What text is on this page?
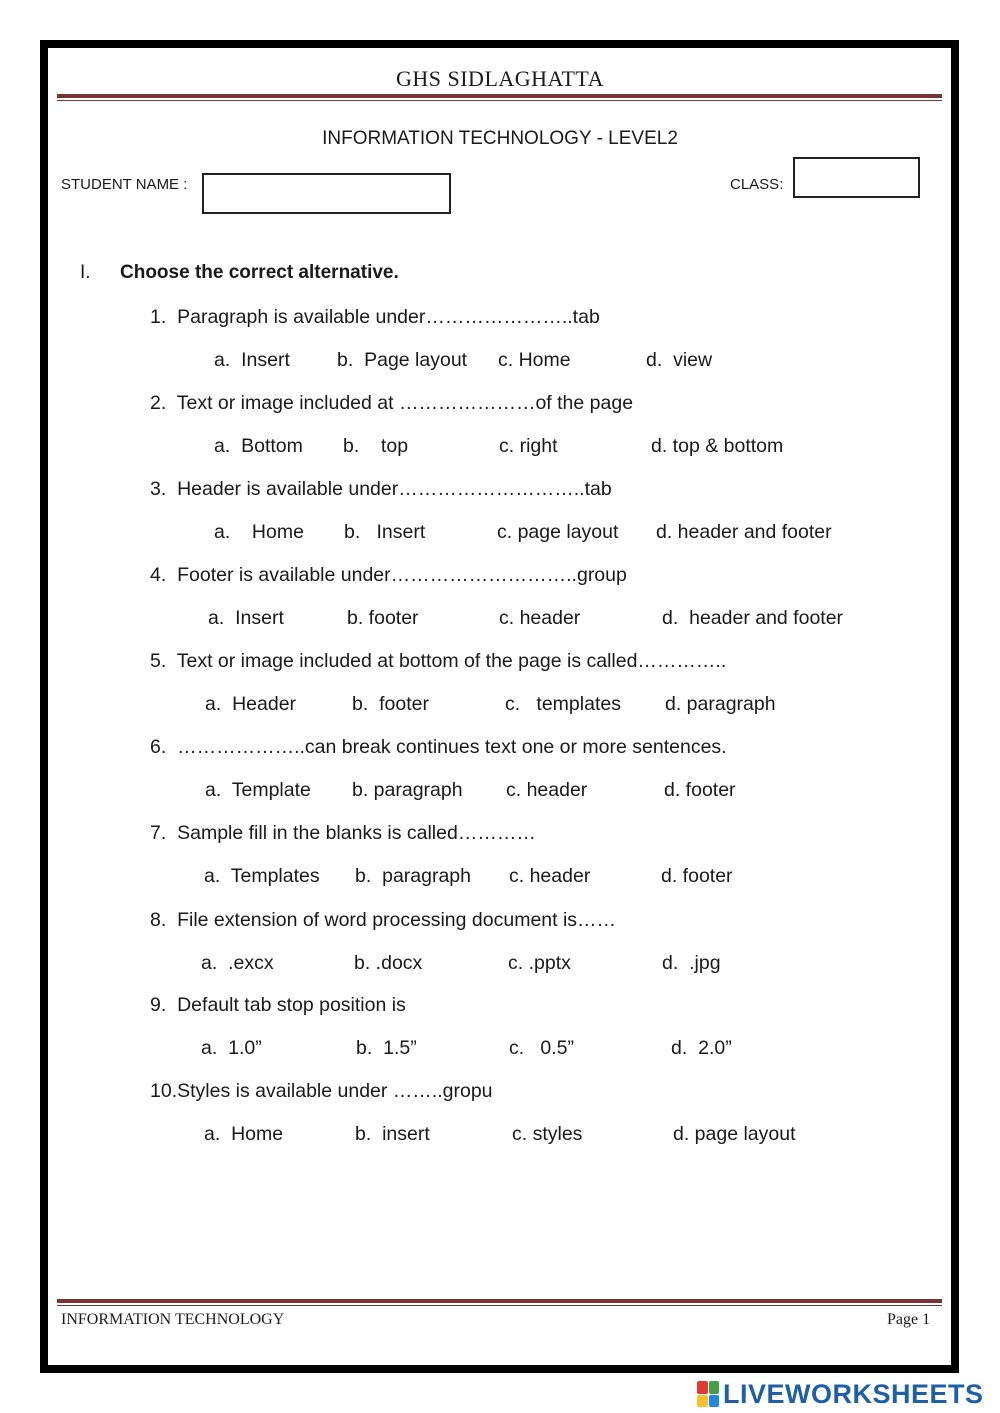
GHS SIDLAGHATTA
INFORMATION TECHNOLOGY - LEVEL2
STUDENT NAME :	CLASS:
I. Choose the correct alternative.
1.  Paragraph is available under…………………..tab
a.  Insert b.  Page layout c. Home	d.  view
2.  Text or image included at …………………of the page
a.  Bottom b.    top	c. right	d. top & bottom
3.  Header is available under………………………..tab
a.    Home b.   Insert	c. page layout d. header and footer
4.  Footer is available under………………………..group
a.  Insert	b. footer	c. header	d.  header and footer
5.  Text or image included at bottom of the page is called…………..
a.  Header	b.  footer	c.   templates d. paragraph
6.  ………………..can break continues text one or more sentences.
a.  Template b. paragraph c. header	d. footer
7.  Sample fill in the blanks is called…………
a.  Templates b.  paragraph c. header	d. footer
8.  File extension of word processing document is……
a.  .excx	b. .docx	c. .pptx	d.  .jpg
9.  Default tab stop position is
a.  1.0”	b.  1.5”	c.   0.5”	d.  2.0”
10.Styles is available under ……..gropu
a.  Home	b.  insert	c. styles	d. page layout
INFORMATION TECHNOLOGY	Page 1
LIVEWORKSHEETS
